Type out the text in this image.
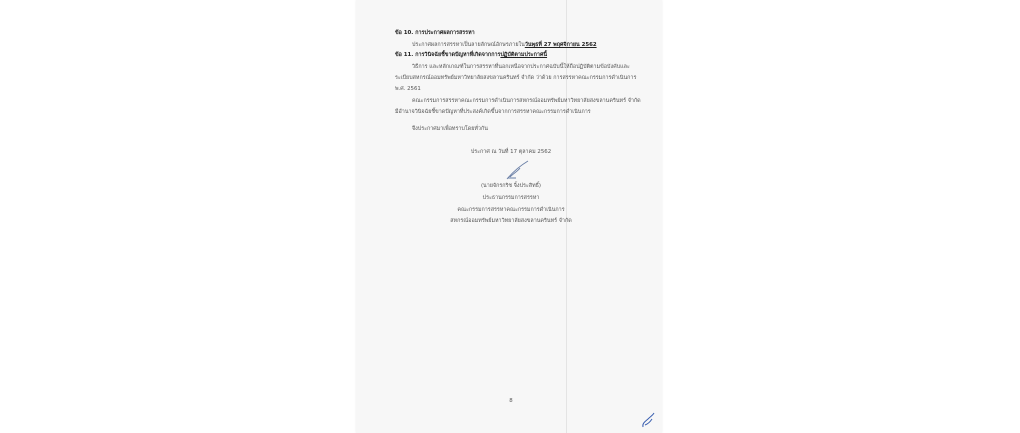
ข้อ 10. การประกาศผลการสรรหา
ประกาศผลการสรรหาเป็นลายลักษณ์อักษรภายในวันพุธที่ 27 พฤศจิกายน 2562
ข้อ 11. การวินิจฉัยชี้ขาดปัญหาที่เกิดจากการปฏิบัติตามประกาศนี้
วิธีการ และหลักเกณฑ์ในการสรรหาที่นอกเหนือจากประกาศฉบับนี้ให้ถือปฏิบัติตามข้อบังคับและ
ระเบียบสหกรณ์ออมทรัพย์มหาวิทยาลัยสงขลานครินทร์ จำกัด ว่าด้วย การสรรหาคณะกรรมการดำเนินการ
พ.ศ. 2561
คณะกรรมการสรรหาคณะกรรมการดำเนินการสหกรณ์ออมทรัพย์มหาวิทยาลัยสงขลานครินทร์ จำกัด
มีอำนาจวินิจฉัยชี้ขาดปัญหาที่ประสงค์เกิดขึ้นจากการสรรหาคณะกรรมการดำเนินการ
จึงประกาศมาเพื่อทราบโดยทั่วกัน
ประกาศ ณ วันที่ 17 ตุลาคม 2562
(นายจักรกริช จิ้งประสิทธิ์)
ประธานกรรมการสรรหา
คณะกรรมการสรรหาคณะกรรมการดำเนินการ
สหกรณ์ออมทรัพย์มหาวิทยาลัยสงขลานครินทร์ จำกัด
8
